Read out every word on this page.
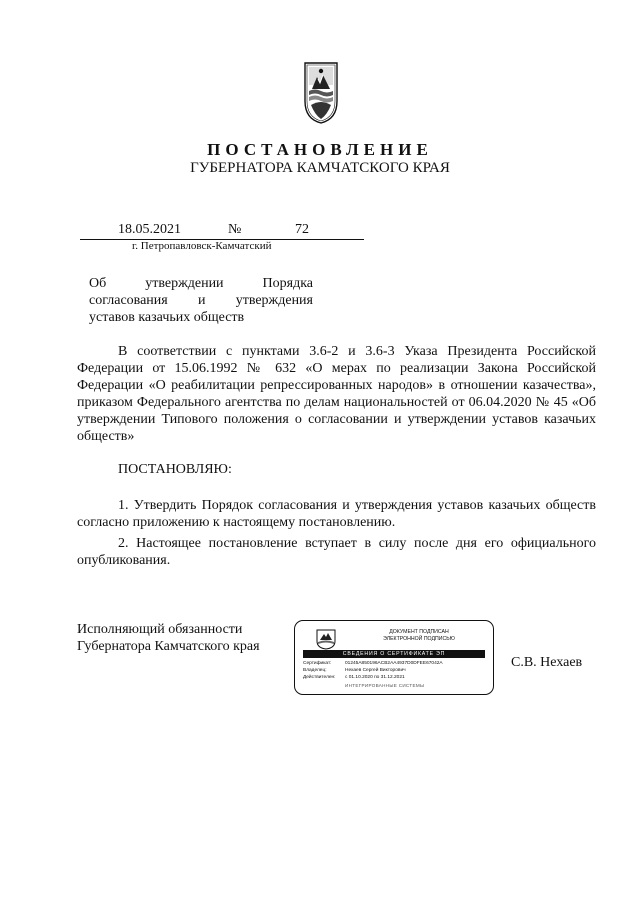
ПОСТАНОВЛЕНИЕ
ГУБЕРНАТОРА КАМЧАТСКОГО КРАЯ
18.05.2021	№	72
г. Петропавловск-Камчатский
Об утверждении Порядка
согласования и утверждения
уставов казачьих обществ
В соответствии с пунктами 3.6-2 и 3.6-3 Указа Президента Российской Федерации от 15.06.1992 № 632 «О мерах по реализации Закона Российской Федерации «О реабилитации репрессированных народов» в отношении казачества», приказом Федерального агентства по делам национальностей от 06.04.2020 № 45 «Об утверждении Типового положения о согласовании и утверждении уставов казачьих обществ»
ПОСТАНОВЛЯЮ:
1. Утвердить Порядок согласования и утверждения уставов казачьих обществ согласно приложению к настоящему постановлению.
2. Настоящее постановление вступает в силу после дня его официального опубликования.
Исполняющий обязанности Губернатора Камчатского края
ДОКУМЕНТ ПОДПИСАН
ЭЛЕКТРОННОЙ ПОДПИСЬЮ
СВЕДЕНИЯ О СЕРТИФИКАТЕ ЭП
Сертификат:	01245A850196ACB2AA4937D0DFEE67042A
Владелец:	Нехаев Сергей Викторович
Действителен: с 01.10.2020 по 31.12.2021
ИНТЕГРИРОВАННЫЕ СИСТЕМЫ
С.В. Нехаев
